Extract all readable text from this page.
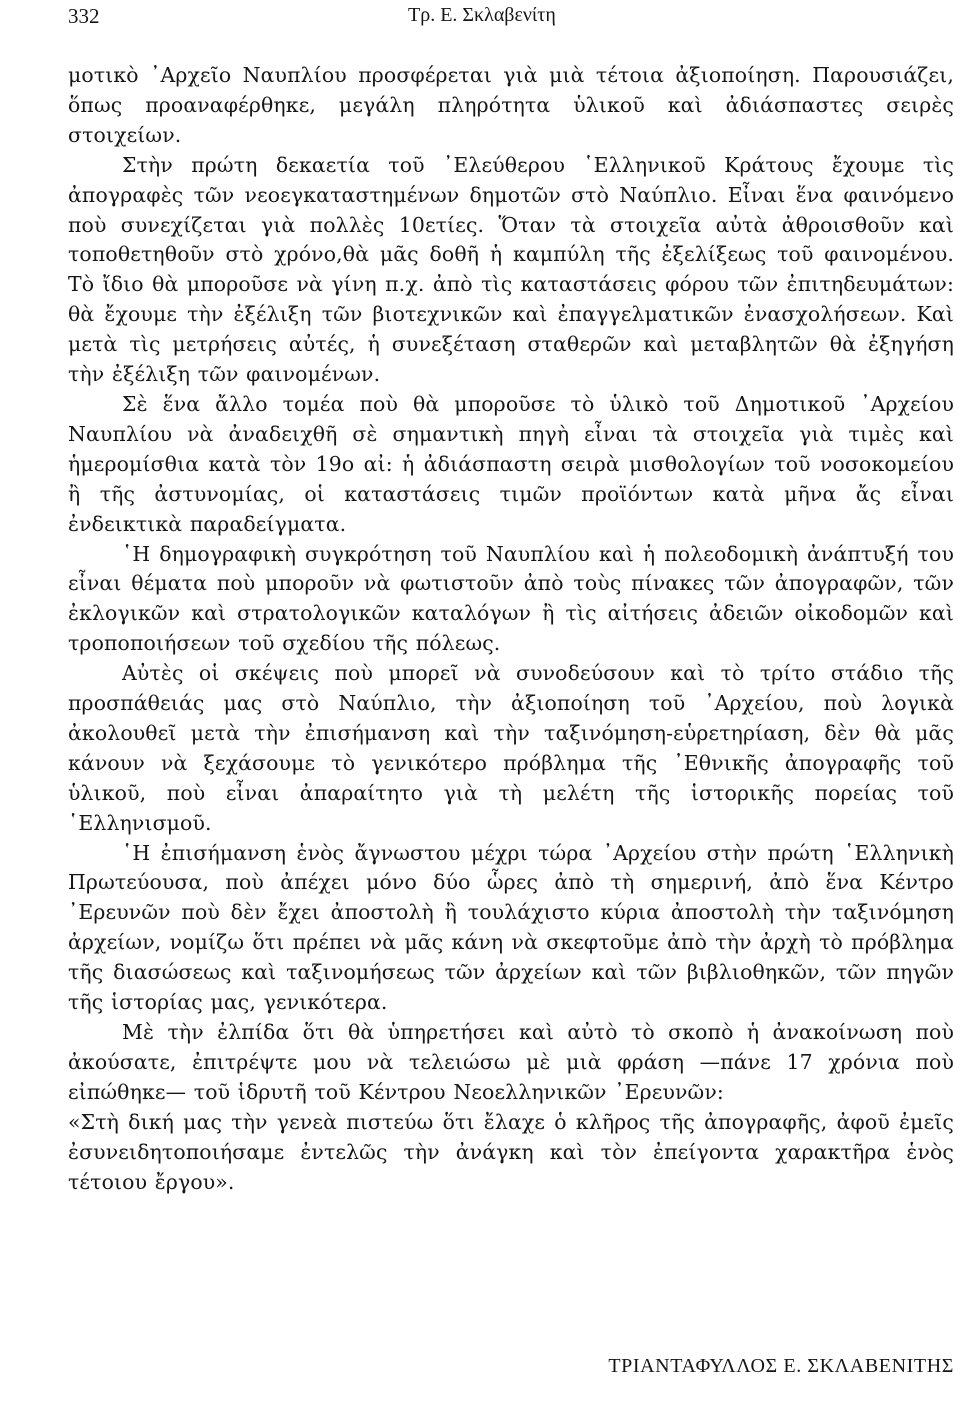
332	Τρ. Ε. Σκλαβενίτη

μοτικὸ ᾽Αρχεῖο Ναυπλίου προσφέρεται γιὰ μιὰ τέτοια ἀξιοποίηση. Παρουσιάζει, ὅπως προαναφέρθηκε, μεγάλη πληρότητα ὑλικοῦ καὶ ἀδιάσπαστες σειρὲς στοιχείων.

Στὴν πρώτη δεκαετία τοῦ ᾽Ελεύθερου ῾Ελληνικοῦ Κράτους ἔχουμε τὶς ἀπογραφὲς τῶν νεοεγκαταστημένων δημοτῶν στὸ Ναύπλιο. Εἶναι ἕνα φαινόμενο ποὺ συνεχίζεται γιὰ πολλὲς 10ετίες. Ὅταν τὰ στοιχεῖα αὐτὰ ἀθροισθοῦν καὶ τοποθετηθοῦν στὸ χρόνο,θὰ μᾶς δοθῆ ἡ καμπύλη τῆς ἐξελίξεως τοῦ φαινομένου. Τὸ ἴδιο θὰ μποροῦσε νὰ γίνη π.χ. ἀπὸ τὶς καταστάσεις φόρου τῶν ἐπιτηδευμάτων: θὰ ἔχουμε τὴν ἐξέλιξη τῶν βιοτεχνικῶν καὶ ἐπαγγελματικῶν ἐνασχολήσεων. Καὶ μετὰ τὶς μετρήσεις αὐτές, ἡ συνεξέταση σταθερῶν καὶ μεταβλητῶν θὰ ἐξηγήση τὴν ἐξέλιξη τῶν φαινομένων.

Σὲ ἕνα ἄλλο τομέα ποὺ θὰ μποροῦσε τὸ ὑλικὸ τοῦ Δημοτικοῦ ᾽Αρχείου Ναυπλίου νὰ ἀναδειχθῆ σὲ σημαντικὴ πηγὴ εἶναι τὰ στοιχεῖα γιὰ τιμὲς καὶ ἡμερομίσθια κατὰ τὸν 19ο αἰ: ἡ ἀδιάσπαστη σειρὰ μισθολογίων τοῦ νοσοκομείου ἢ τῆς ἀστυνομίας, οἱ καταστάσεις τιμῶν προϊόντων κατὰ μῆνα ἄς εἶναι ἐνδεικτικὰ παραδείγματα.

῾Η δημογραφικὴ συγκρότηση τοῦ Ναυπλίου καὶ ἡ πολεοδομικὴ ἀνάπτυξή του εἶναι θέματα ποὺ μποροῦν νὰ φωτιστοῦν ἀπὸ τοὺς πίνακες τῶν ἀπογραφῶν, τῶν ἐκλογικῶν καὶ στρατολογικῶν καταλόγων ἢ τὶς αἰτήσεις ἀδειῶν οἰκοδομῶν καὶ τροποποιήσεων τοῦ σχεδίου τῆς πόλεως.

Αὐτὲς οἱ σκέψεις ποὺ μπορεῖ νὰ συνοδεύσουν καὶ τὸ τρίτο στάδιο τῆς προσπάθειάς μας στὸ Ναύπλιο, τὴν ἀξιοποίηση τοῦ ᾽Αρχείου, ποὺ λογικὰ ἀκολουθεῖ μετὰ τὴν ἐπισήμανση καὶ τὴν ταξινόμηση-εὑρετηρίαση, δὲν θὰ μᾶς κάνουν νὰ ξεχάσουμε τὸ γενικότερο πρόβλημα τῆς ᾽Εθνικῆς ἀπογραφῆς τοῦ ὑλικοῦ, ποὺ εἶναι ἀπαραίτητο γιὰ τὴ μελέτη τῆς ἱστορικῆς πορείας τοῦ ῾Ελληνισμοῦ.

῾Η ἐπισήμανση ἑνὸς ἄγνωστου μέχρι τώρα ᾽Αρχείου στὴν πρώτη ῾Ελληνικὴ Πρωτεύουσα, ποὺ ἀπέχει μόνο δύο ὧρες ἀπὸ τὴ σημερινή, ἀπὸ ἕνα Κέντρο ᾽Ερευνῶν ποὺ δὲν ἔχει ἀποστολὴ ἢ τουλάχιστο κύρια ἀποστολὴ τὴν ταξινόμηση ἀρχείων, νομίζω ὅτι πρέπει νὰ μᾶς κάνη νὰ σκεφτοῦμε ἀπὸ τὴν ἀρχὴ τὸ πρόβλημα τῆς διασώσεως καὶ ταξινομήσεως τῶν ἀρχείων καὶ τῶν βιβλιοθηκῶν, τῶν πηγῶν τῆς ἱστορίας μας, γενικότερα.

Μὲ τὴν ἐλπίδα ὅτι θὰ ὑπηρετήσει καὶ αὐτὸ τὸ σκοπὸ ἡ ἀνακοίνωση ποὺ ἀκούσατε, ἐπιτρέψτε μου νὰ τελειώσω μὲ μιὰ φράση —πάνε 17 χρόνια ποὺ εἰπώθηκε— τοῦ ἱδρυτῆ τοῦ Κέντρου Νεοελληνικῶν ᾽Ερευνῶν:

«Στὴ δική μας τὴν γενεὰ πιστεύω ὅτι ἔλαχε ὁ κλῆρος τῆς ἀπογραφῆς, ἀφοῦ ἐμεῖς ἐσυνειδητοποιήσαμε ἐντελῶς τὴν ἀνάγκη καὶ τὸν ἐπείγοντα χαρακτῆρα ἑνὸς τέτοιου ἔργου».

ΤΡΙΑΝΤΑΦΥΛΛΟΣ Ε. ΣΚΛΑΒΕΝΙΤΗΣ
